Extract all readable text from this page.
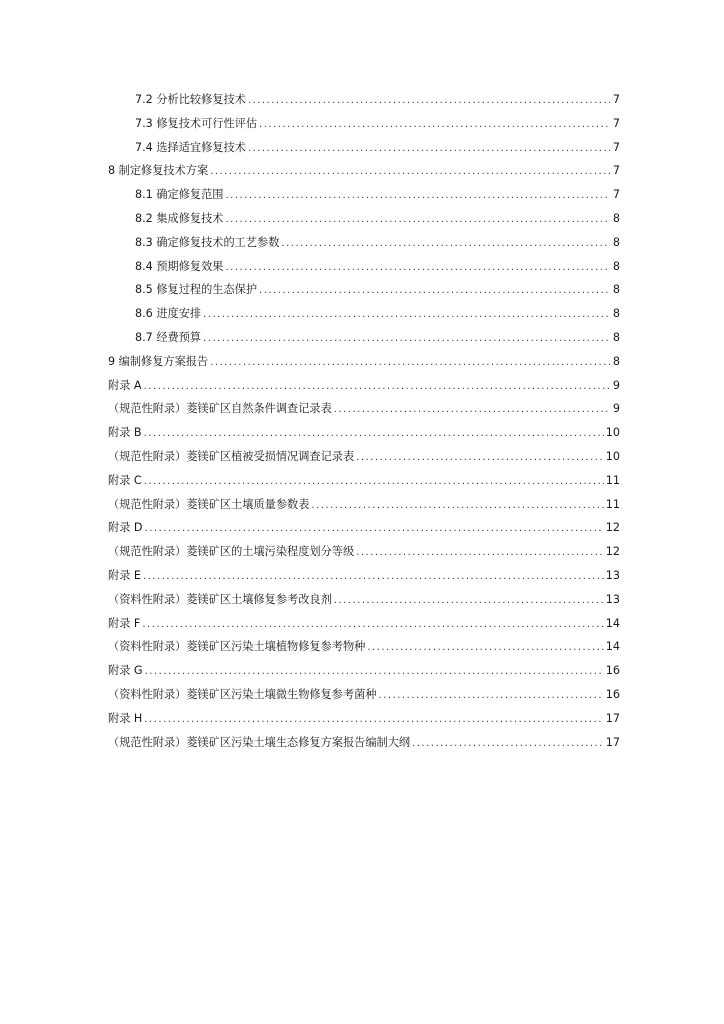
7.2 分析比较修复技术 .....	7
7.3 修复技术可行性评估 .....	7
7.4 选择适宜修复技术 .....	7
8 制定修复技术方案 .....	7
8.1 确定修复范围 .....	7
8.2 集成修复技术 .....	8
8.3 确定修复技术的工艺参数 .....	8
8.4 预期修复效果 .....	8
8.5 修复过程的生态保护 .....	8
8.6 进度安排 .....	8
8.7 经费预算 .....	8
9 编制修复方案报告 .....	8
附录 A .....	9
（规范性附录）菱镁矿区自然条件调查记录表 .....	9
附录 B .....	10
（规范性附录）菱镁矿区植被受损情况调查记录表 .....	10
附录 C .....	11
（规范性附录）菱镁矿区土壤质量参数表 .....	11
附录 D .....	12
（规范性附录）菱镁矿区的土壤污染程度划分等级 .....	12
附录 E .....	13
（资料性附录）菱镁矿区土壤修复参考改良剂 .....	13
附录 F .....	14
（资料性附录）菱镁矿区污染土壤植物修复参考物种 .....	14
附录 G .....	16
（资料性附录）菱镁矿区污染土壤微生物修复参考菌种 .....	16
附录 H .....	17
（规范性附录）菱镁矿区污染土壤生态修复方案报告编制大纲 .....	17
